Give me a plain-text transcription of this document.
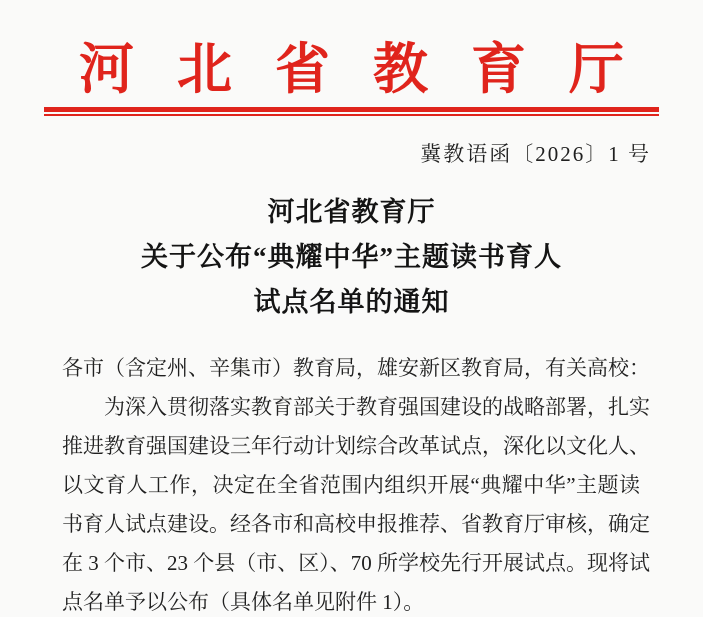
河北省教育厅
冀教语函〔2026〕1 号
河北省教育厅
关于公布“典耀中华”主题读书育人
试点名单的通知
各市（含定州、辛集市）教育局，雄安新区教育局，有关高校：
为深入贯彻落实教育部关于教育强国建设的战略部署，扎实
推进教育强国建设三年行动计划综合改革试点，深化以文化人、
以文育人工作，决定在全省范围内组织开展“典耀中华”主题读
书育人试点建设。经各市和高校申报推荐、省教育厅审核，确定
在 3 个市、23 个县（市、区）、70 所学校先行开展试点。现将试
点名单予以公布（具体名单见附件 1）。
